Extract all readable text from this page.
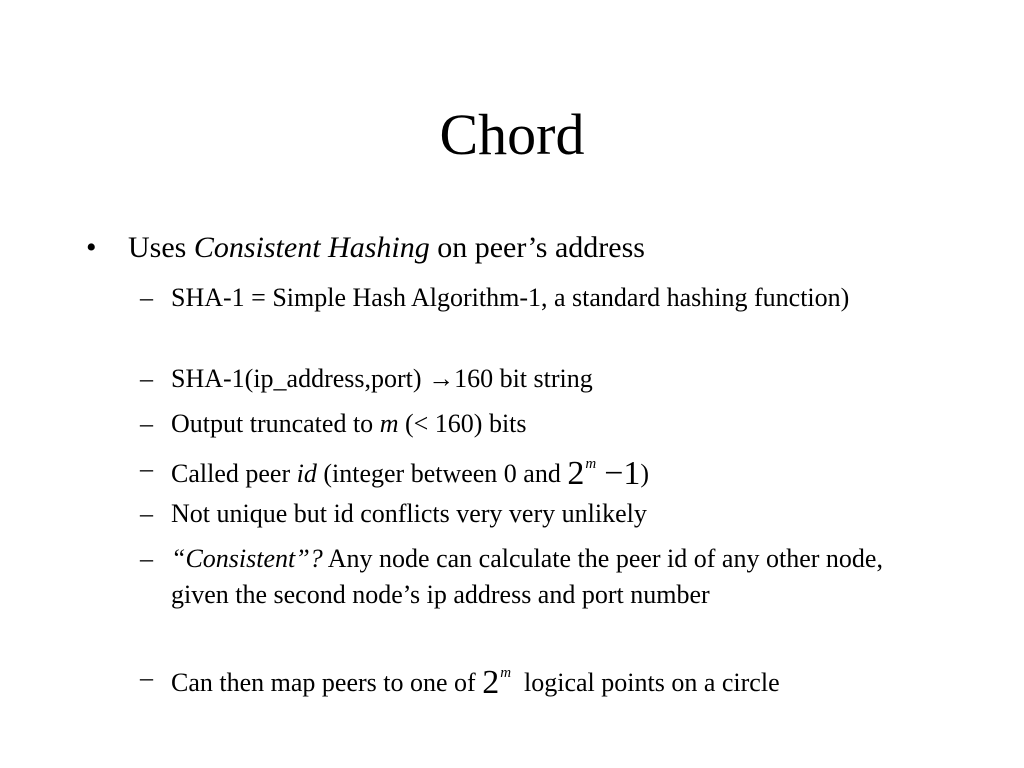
Chord

• Uses Consistent Hashing on peer’s address

– SHA-1 = Simple Hash Algorithm-1, a standard hashing function)
– SHA-1(ip_address,port) →160 bit string
– Output truncated to m (< 160) bits
– Called peer id (integer between 0 and $2^m -1$)
– Not unique but id conflicts very very unlikely
– “Consistent”? Any node can calculate the peer id of any other node, given the second node’s ip address and port number
– Can then map peers to one of 2$^m$  logical points on a circle
